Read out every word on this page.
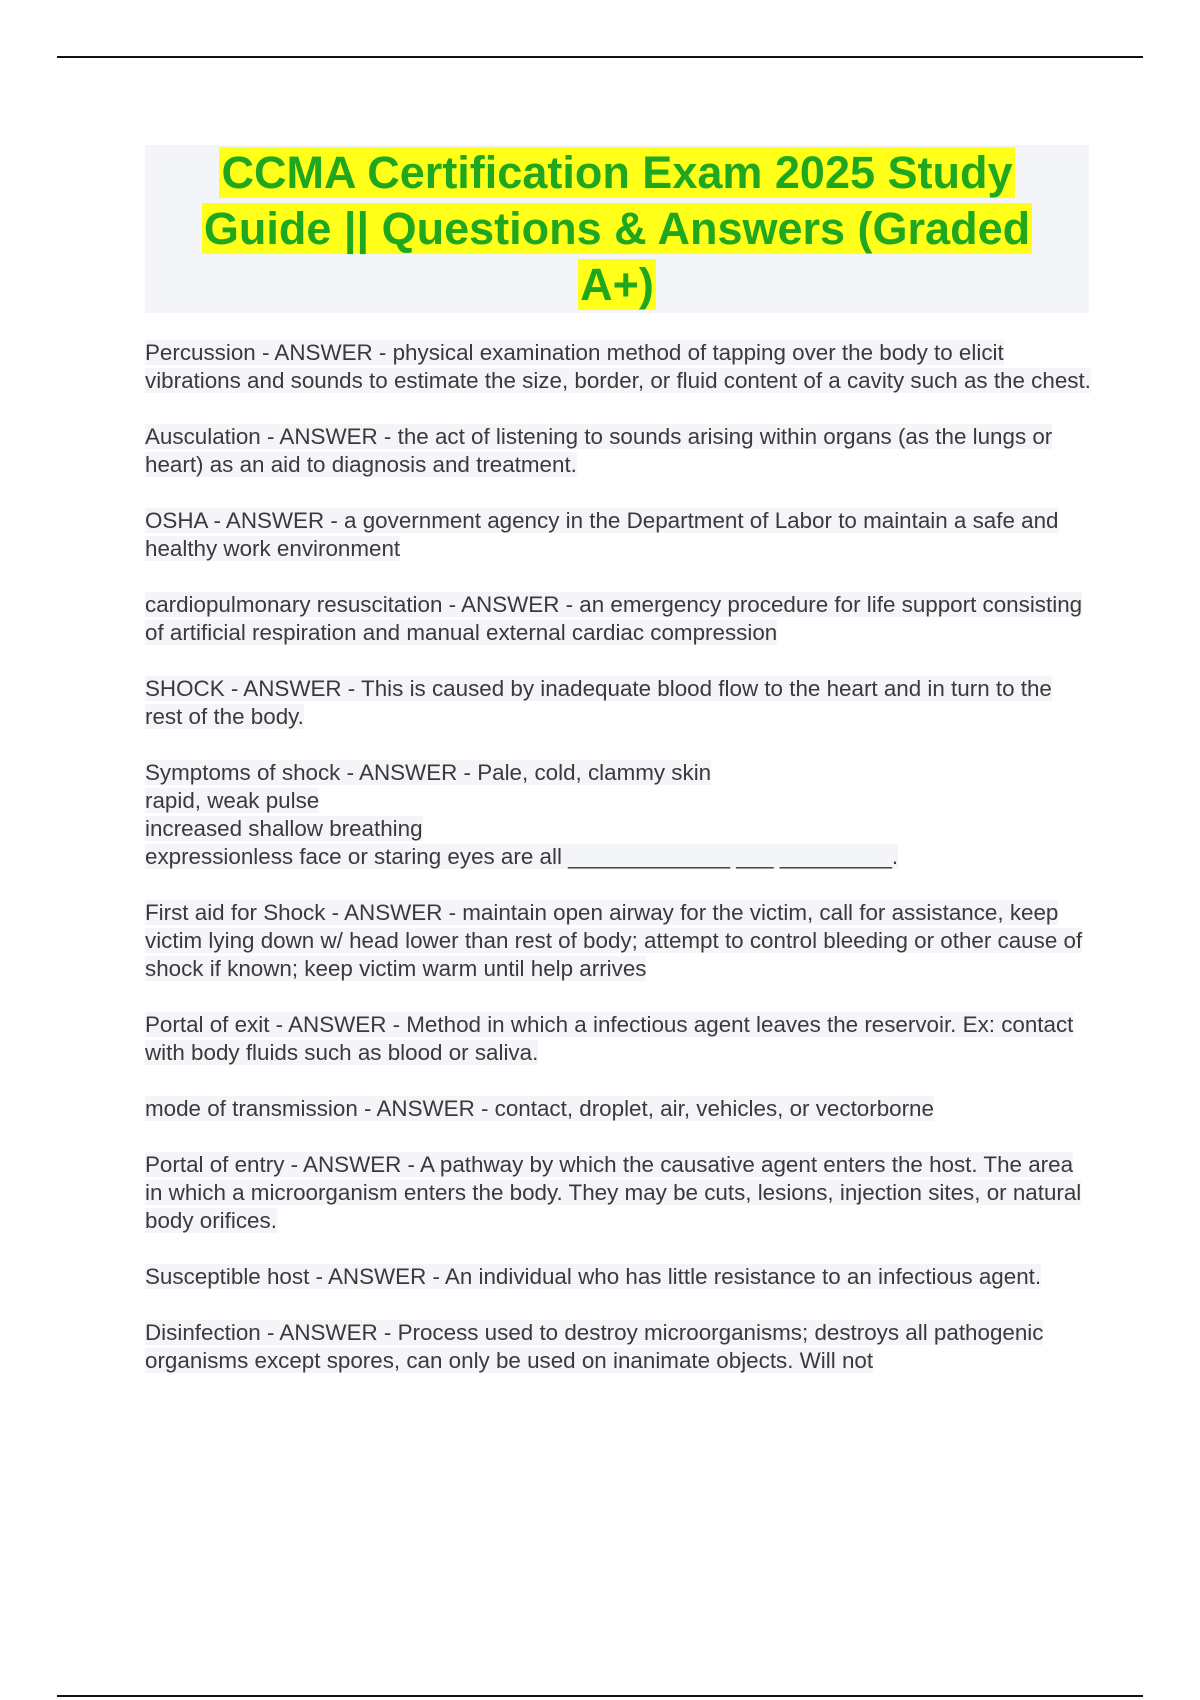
CCMA Certification Exam 2025 Study Guide || Questions & Answers (Graded A+)

Percussion - ANSWER - physical examination method of tapping over the body to elicit vibrations and sounds to estimate the size, border, or fluid content of a cavity such as the chest.

Ausculation - ANSWER - the act of listening to sounds arising within organs (as the lungs or heart) as an aid to diagnosis and treatment.

OSHA - ANSWER - a government agency in the Department of Labor to maintain a safe and healthy work environment

cardiopulmonary resuscitation - ANSWER - an emergency procedure for life support consisting of artificial respiration and manual external cardiac compression

SHOCK - ANSWER - This is caused by inadequate blood flow to the heart and in turn to the rest of the body.

Symptoms of shock - ANSWER - Pale, cold, clammy skin
rapid, weak pulse
increased shallow breathing
expressionless face or staring eyes are all _____________ ___ _________.

First aid for Shock - ANSWER - maintain open airway for the victim, call for assistance, keep victim lying down w/ head lower than rest of body; attempt to control bleeding or other cause of shock if known; keep victim warm until help arrives

Portal of exit - ANSWER - Method in which a infectious agent leaves the reservoir. Ex: contact with body fluids such as blood or saliva.

mode of transmission - ANSWER - contact, droplet, air, vehicles, or vectorborne

Portal of entry - ANSWER - A pathway by which the causative agent enters the host. The area in which a microorganism enters the body. They may be cuts, lesions, injection sites, or natural body orifices.

Susceptible host - ANSWER - An individual who has little resistance to an infectious agent.

Disinfection - ANSWER - Process used to destroy microorganisms; destroys all pathogenic organisms except spores, can only be used on inanimate objects. Will not
